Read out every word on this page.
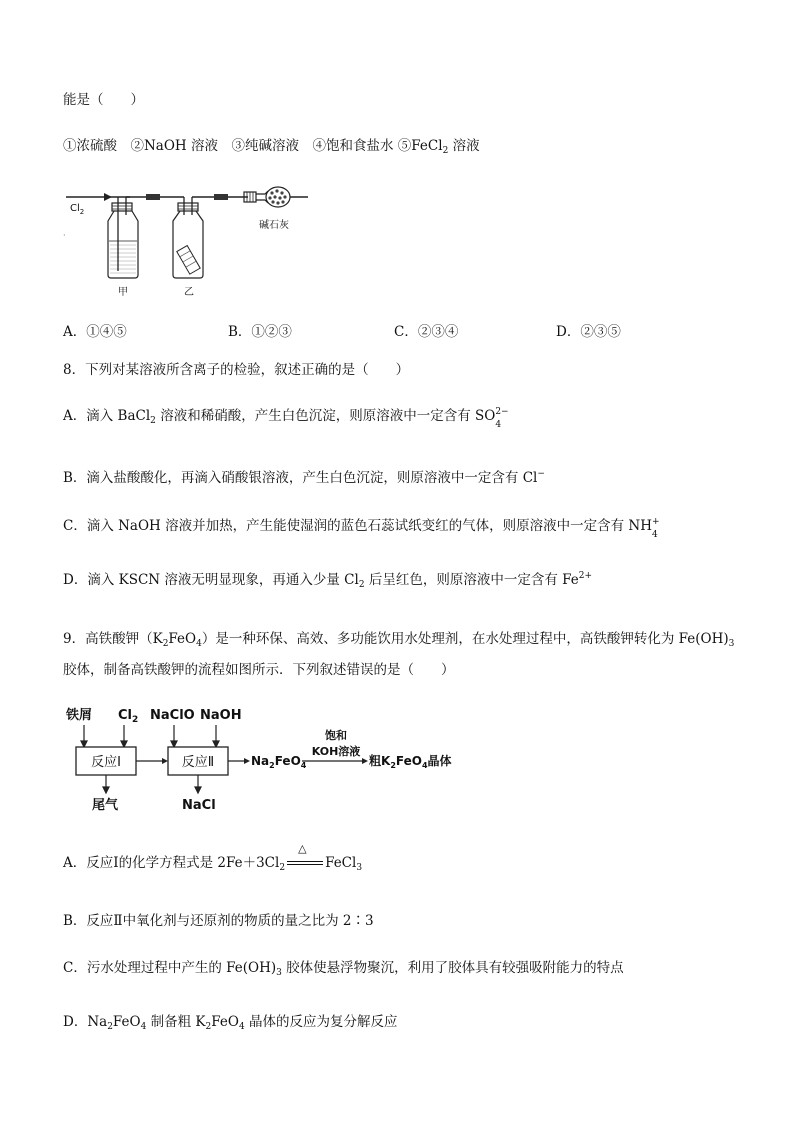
能是（　　）
①浓硫酸　②NaOH 溶液　③纯碱溶液　④饱和食盐水 ⑤FeCl$_2$ 溶液
$Cl_2$
·
碱石灰
甲	乙
A．①④⑤	B．①②③	C．②③④	D．②③⑤
8．下列对某溶液所含离子的检验，叙述正确的是（　　）
A．滴入 BaCl$_2$ 溶液和稀硝酸，产生白色沉淀，则原溶液中一定含有 SO 2−
4
B．滴入盐酸酸化，再滴入硝酸银溶液，产生白色沉淀，则原溶液中一定含有 Cl−
C．滴入 NaOH 溶液并加热，产生能使湿润的蓝色石蕊试纸变红的气体，则原溶液中一定含有 NH +
4
D．滴入 KSCN 溶液无明显现象，再通入少量 $Cl_2$ 后呈红色，则原溶液中一定含有 $Fe^{2+}$
9．高铁酸钾$(K_2FeO_4)$是一种环保、高效、多功能饮用水处理剂，在水处理过程中，高铁酸钾转化为 $Fe(OH)_3$
胶体，制备高铁酸钾的流程如图所示．下列叙述错误的是（　　）
铁屑 $Cl_2$ NaClO NaOH
反应Ⅰ	反应Ⅱ	$Na_2FeO_4$
饱和
KOH溶液
粗$K_2FeO_4$晶体
尾气	NaCl
A．反应Ⅰ的化学方程式是 $2Fe+3Cl_2$
△
FeCl$_3$
B．反应Ⅱ中氧化剂与还原剂的物质的量之比为 2∶3
C．污水处理过程中产生的 $Fe(OH)_3$ 胶体使悬浮物聚沉，利用了胶体具有较强吸附能力的特点
D．$Na_2FeO_4$ 制备粗 $K_2FeO_4$ 晶体的反应为复分解反应
